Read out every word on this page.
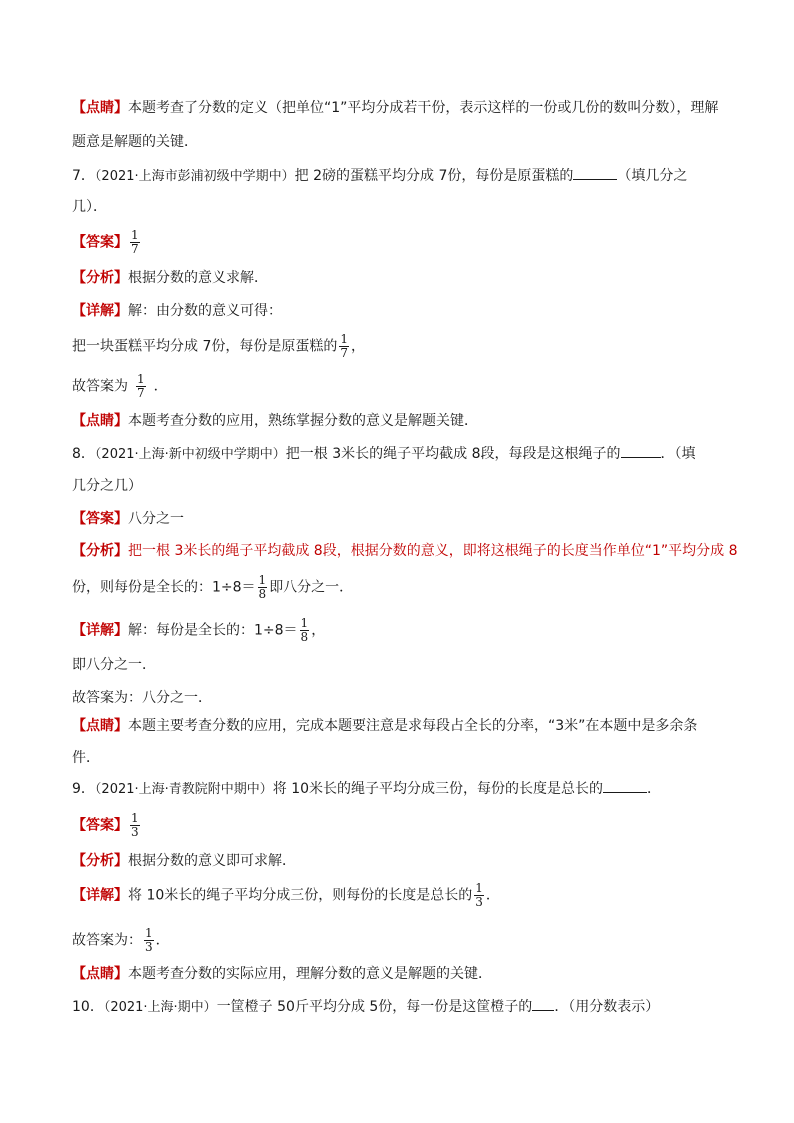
【点睛】本题考查了分数的定义（把单位“1”平均分成若干份，表示这样的一份或几份的数叫分数），理解
题意是解题的关键．
7．（2021·上海市彭浦初级中学期中）把 2磅的蛋糕平均分成 7份，每份是原蛋糕的	（填几分之
几）．
【答案】 $\frac{1}{7}$
【分析】根据分数的意义求解．
【详解】解：由分数的意义可得：
把一块蛋糕平均分成 7份，每份是原蛋糕的 $\frac{1}{7}$ ，
故答案为 $\frac{1}{7}$ ．
【点睛】本题考查分数的应用，熟练掌握分数的意义是解题关键．
8．（2021·上海·新中初级中学期中）把一根 3米长的绳子平均截成 8段，每段是这根绳子的	．（填
几分之几）
【答案】八分之一
【分析】把一根 3米长的绳子平均截成 8段，根据分数的意义，即将这根绳子的长度当作单位“1”平均分成 8
份，则每份是全长的：$1\div 8= \frac{1}{8}$ 即八分之一．
【详解】解：每份是全长的：$1\div 8= \frac{1}{8}$ ，
即八分之一．
故答案为：八分之一．
【点睛】本题主要考查分数的应用，完成本题要注意是求每段占全长的分率，“3米”在本题中是多余条
件．
9．（2021·上海·青教院附中期中）将 10米长的绳子平均分成三份，每份的长度是总长的	．
【答案】 $\frac{1}{3}$
【分析】根据分数的意义即可求解．
【详解】将 10米长的绳子平均分成三份，则每份的长度是总长的 $\frac{1}{3}$ ．
故答案为： $\frac{1}{3}$ ．
【点睛】本题考查分数的实际应用，理解分数的意义是解题的关键．
10．（2021·上海·期中）一筐橙子 50斤平均分成 5份，每一份是这筐橙子的 ．（用分数表示）
